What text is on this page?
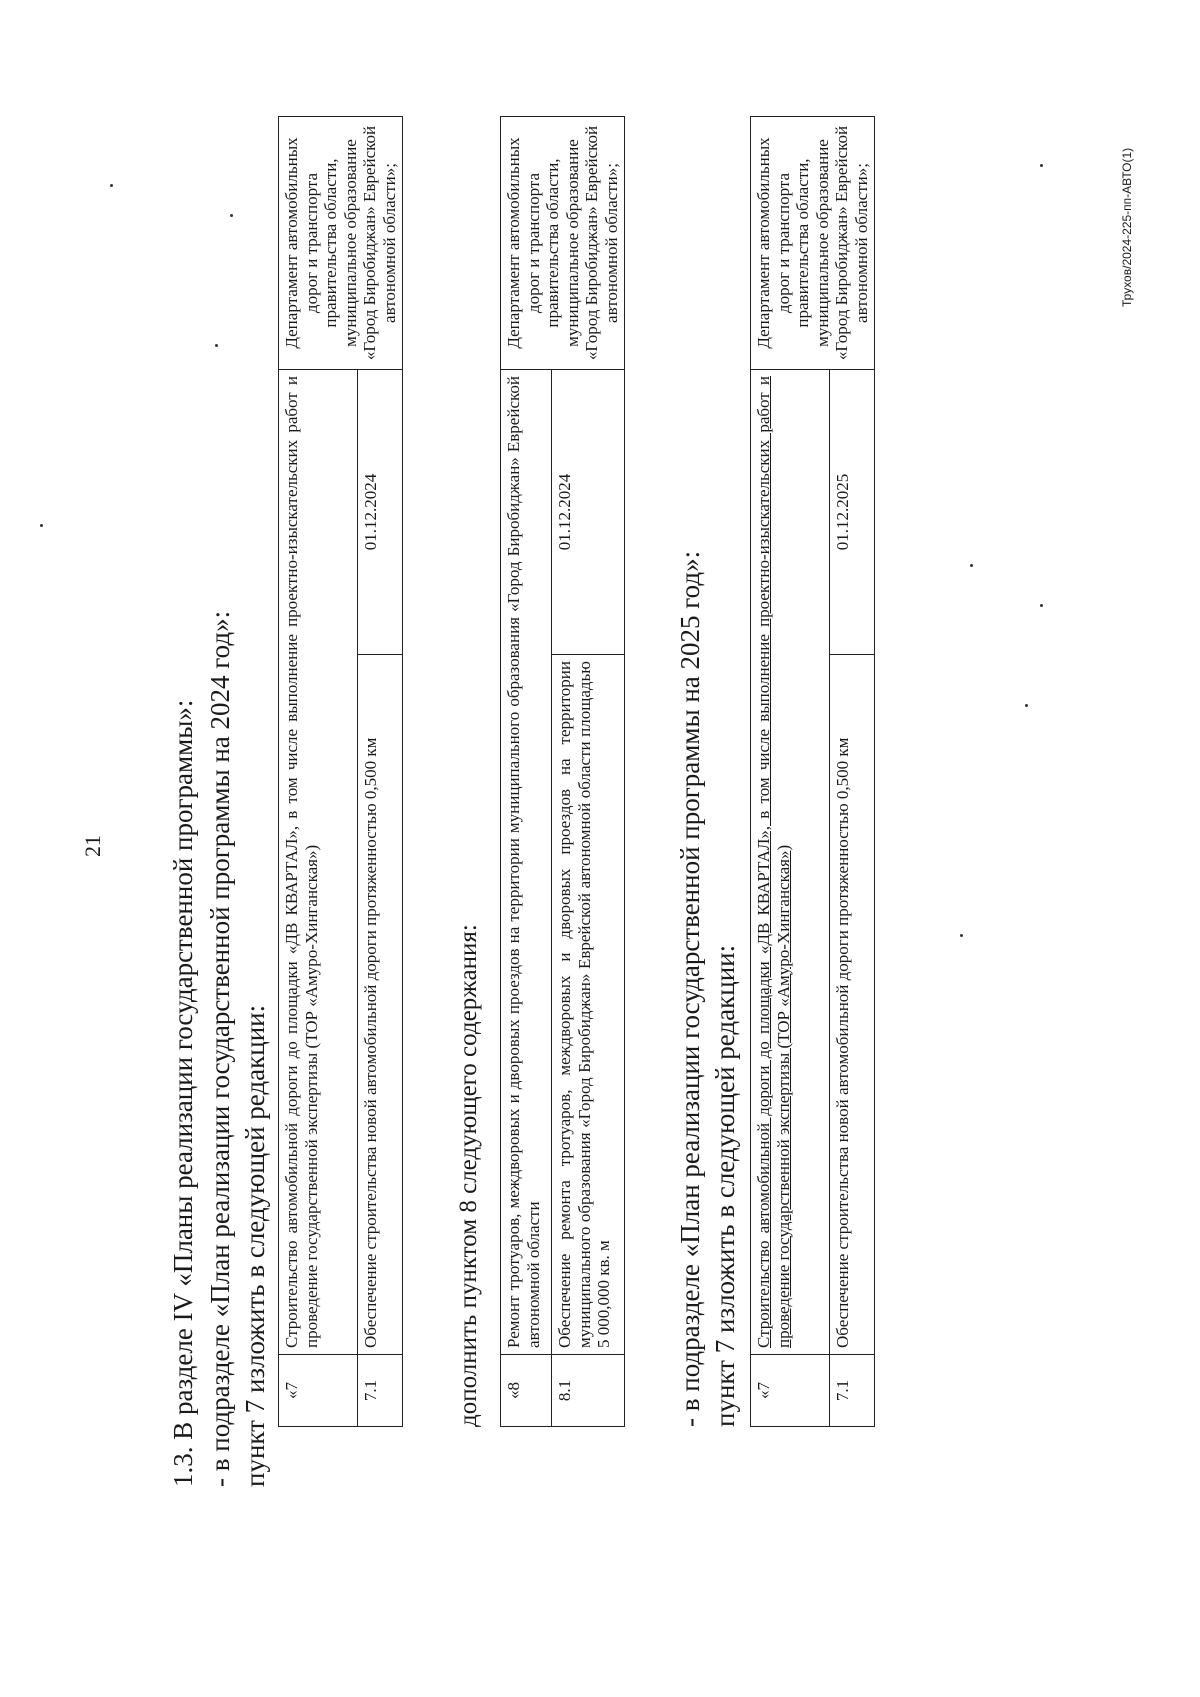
21 1.3. В разделе IV «Планы реализации государственной программы»: - в подразделе «План реализации государственной программы на 2024 год»: пункт 7 изложить в следующей редакции: «7	Строительство автомобильной дороги до площадки «ДВ КВАРТАЛ», в том числе выполнение проектно-изыскательских работ и проведение государственной экспертизы (ТОР «Амуро-Хинганская»)		Департамент автомобильных дорог и транспорта правительства области, муниципальное образование «Город Биробиджан» Еврейской автономной области»;
7.1	Обеспечение строительства новой автомобильной дороги протяженностью 0,500 км	01.12.2024	
дополнить пунктом 8 следующего содержания: «8	Ремонт тротуаров, междворовых и дворовых проездов на территории муниципального образования «Город Биробиджан» Еврейской автономной области		Департамент автомобильных дорог и транспорта правительства области, муниципальное образование «Город Биробиджан» Еврейской автономной области»;
8.1	Обеспечение ремонта тротуаров, междворовых и дворовых проездов на территории муниципального образования «Город Биробиджан» Еврейской автономной области площадью 5 000,000 кв. м	01.12.2024	
- в подразделе «План реализации государственной программы на 2025 год»: пункт 7 изложить в следующей редакции: «7	Строительство автомобильной дороги до площадки «ДВ КВАРТАЛ», в том числе выполнение проектно-изыскательских работ и проведение государственной экспертизы (ТОР «Амуро-Хинганская»)		Департамент автомобильных дорог и транспорта правительства области, муниципальное образование «Город Биробиджан» Еврейской автономной области»;
7.1	Обеспечение строительства новой автомобильной дороги протяженностью 0,500 км	01.12.2025	
Трухов/2024-225-пп-АВТО(1)
